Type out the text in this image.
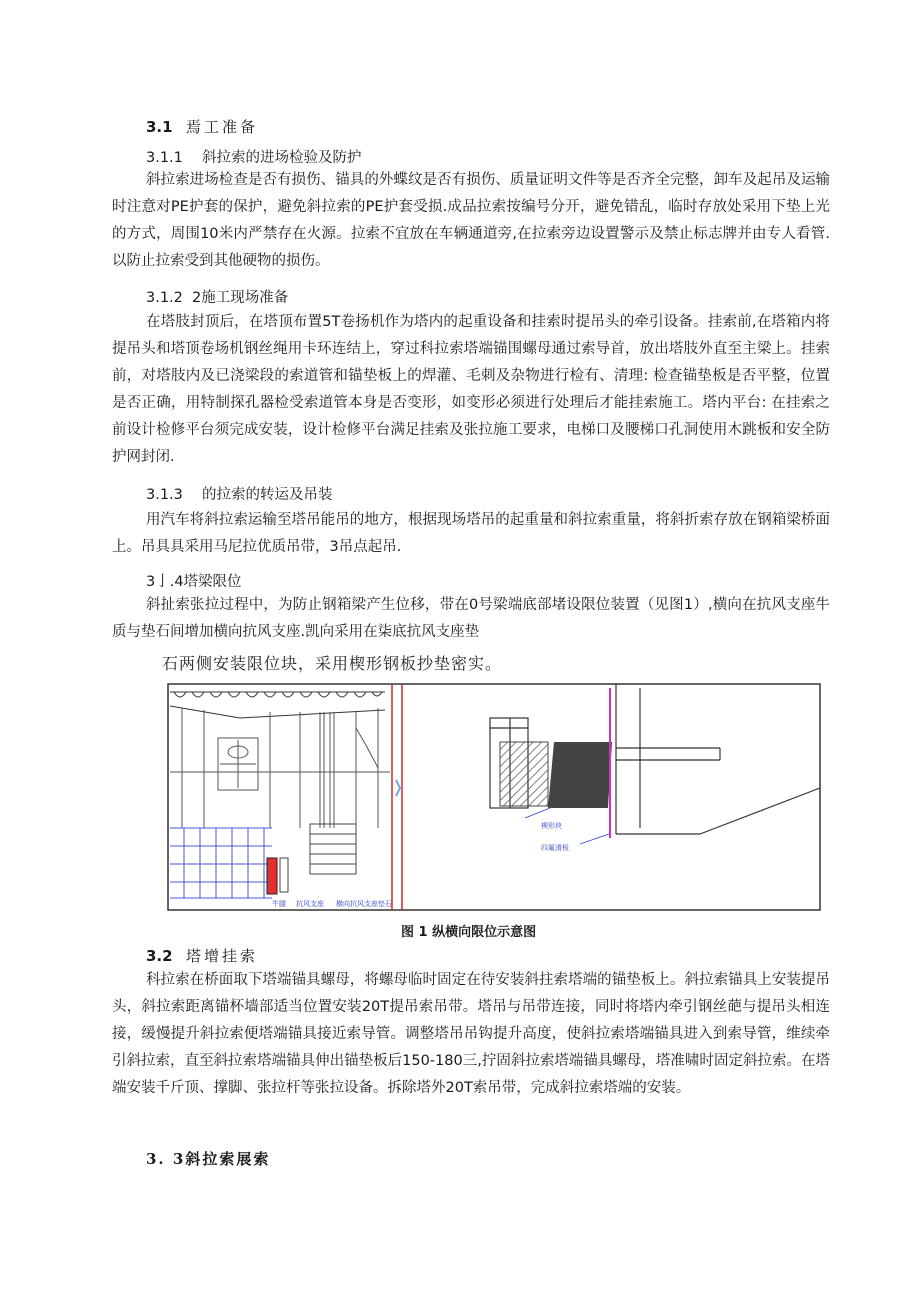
3.1 焉工准备
3.1.1 斜拉索的进场检验及防护

斜拉索进场检查是否有损伤、锚具的外蝶纹是否有损伤、质量证明文件等是否齐全完整，卸车及起吊及运输时注意对PE护套的保护，避免斜拉索的PE护套受损.成品拉索按编号分开，避免错乱，临时存放处采用下垫上光的方式，周围10米内严禁存在火源。拉索不宜放在车辆通道旁,在拉索旁边设置警示及禁止标志牌并由专人看管.以防止拉索受到其他硬物的损伤。

3.1.2 2施工现场准备

在塔肢封顶后，在塔顶布置5T卷扬机作为塔内的起重设备和挂索时提吊头的牵引设备。挂索前,在塔箱内将提吊头和塔顶卷场机钢丝绳用卡环连结上，穿过科拉索塔端锚围螺母通过索导首，放出塔肢外直至主梁上。挂索前，对塔肢内及已浇梁段的索道管和锚垫板上的焊灌、毛刺及杂物进行检有、清理: 检查锚垫板是否平整，位置是否正确，用特制探孔器检受索道管本身是否变形，如变形必须进行处理后才能挂索施工。塔内平台: 在挂索之前设计检修平台须完成安装，设计检修平台满足挂索及张拉施工要求，电梯口及腰梯口孔洞使用木跳板和安全防护网封闭.

3.1.3 的拉索的转运及吊装

用汽车将斜拉索运输至塔吊能吊的地方，根据现场塔吊的起重量和斜拉索重量，将斜折索存放在钢箱梁桥面上。吊具具采用马尼拉优质吊带，3吊点起吊.

3亅.4塔梁限位

斜扯索张拉过程中，为防止钢箱梁产生位移，带在0号梁端底部堵设限位装置（见图1）,横向在抗风支座牛质与垫石间增加横向抗风支座.凯向采用在柒底抗风支座垫

石两侧安装限位块，采用楔形钢板抄垫密实。
牛腿 抗风支座 横向抗风支座垫石
楔形块
四氟滑板
图 1 纵横向限位示意图
3.2 塔增挂索

科拉索在桥面取下塔端锚具螺母，将螺母临时固定在待安装斜拄索塔端的锚垫板上。斜拉索锚具上安装提吊头，斜拉索距离锚杯墙部适当位置安装20T提吊索吊带。塔吊与吊带连接，同时将塔内牵引钢丝葩与提吊头相连接，缓慢提升斜拉索便塔端锚具接近索导管。调整塔吊吊钩提升高度，使斜拉索塔端锚具进入到索导管，维续牵引斜拉索，直至斜拉索塔端锚具伸出锚垫板后150-180三,拧固斜拉索塔端锚具螺母，塔准啸时固定斜拉索。在塔端安装千斤顶、撑脚、张拉杆等张拉设备。拆除塔外20T索吊带，完成斜拉索塔端的安装。

3. 3斜拉索展索
